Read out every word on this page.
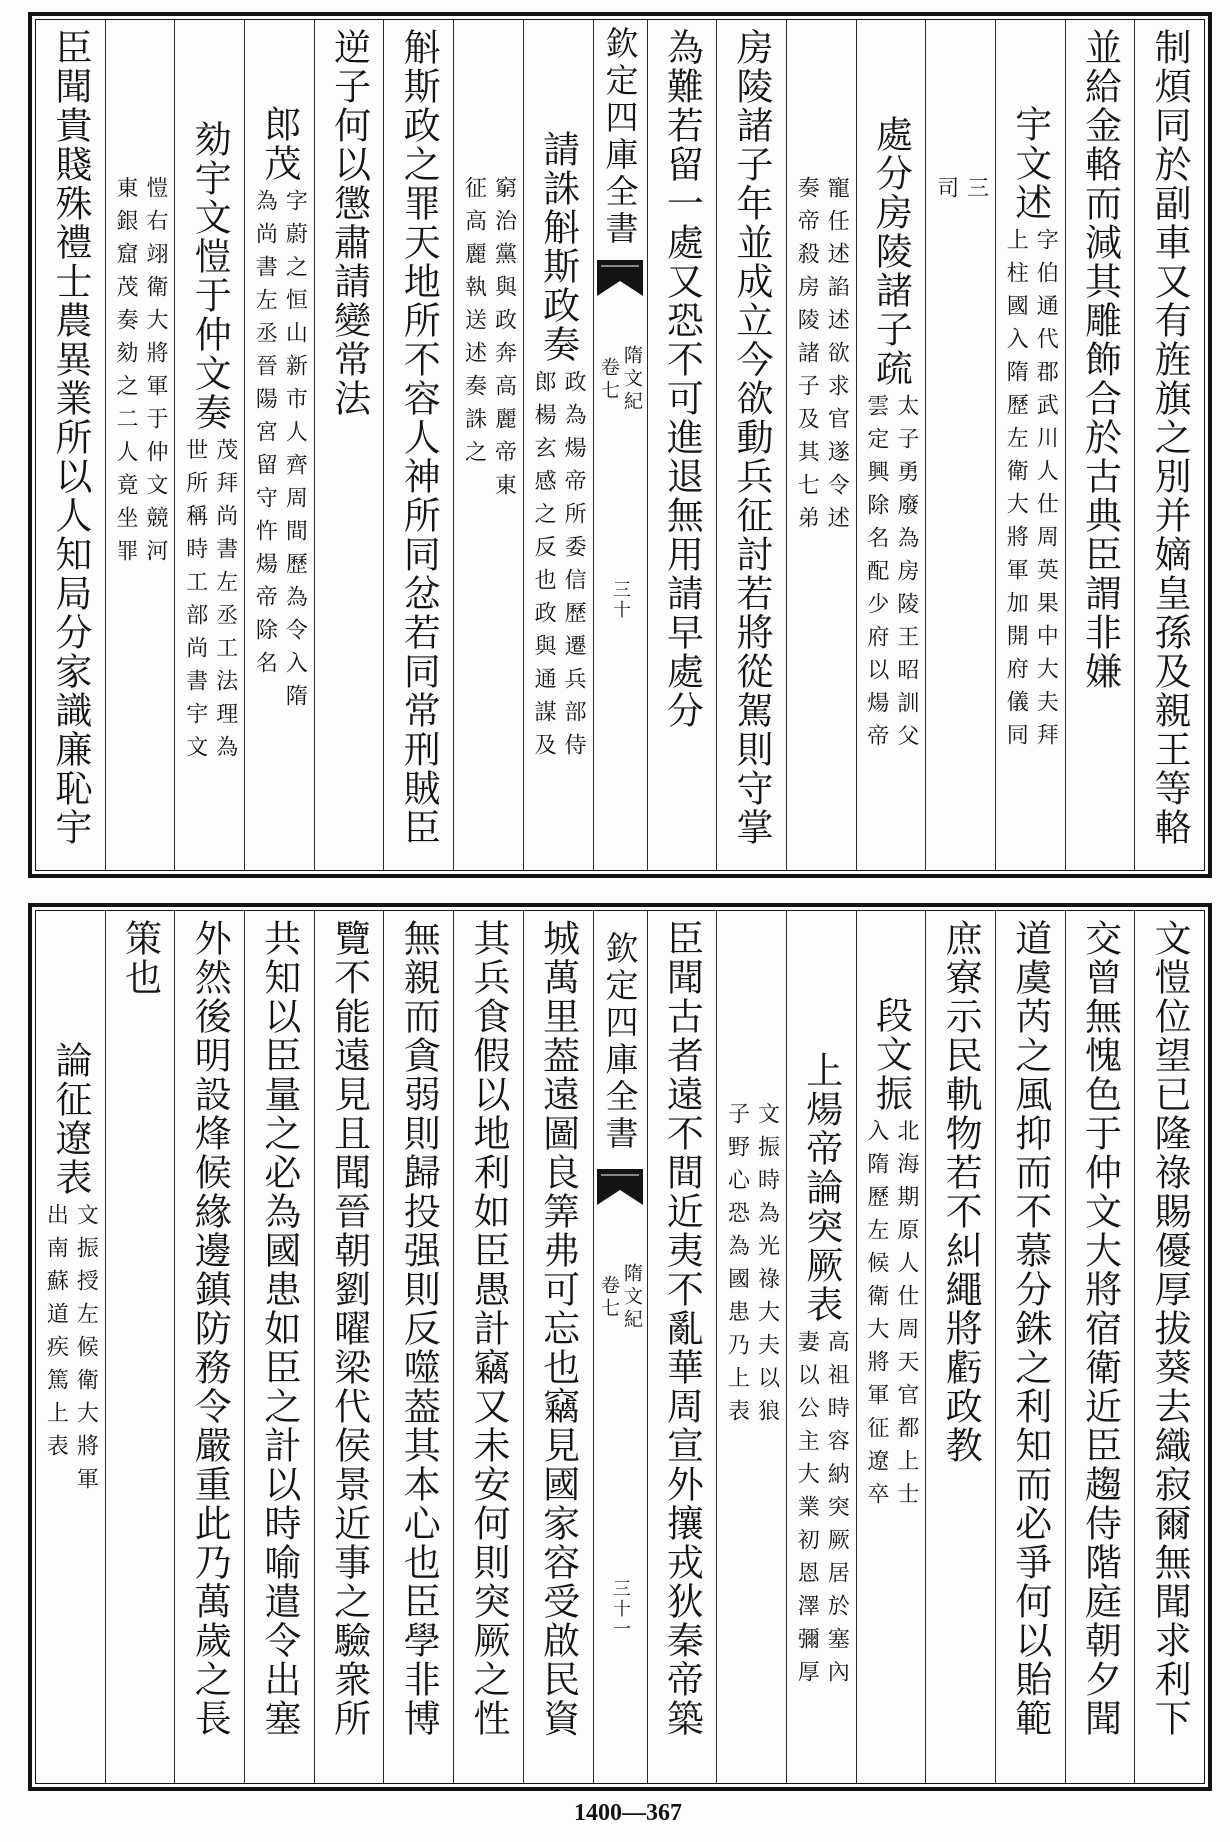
制煩同於副車又有旌旗之別并嫡皇孫及親王等輅
並給金輅而減其雕飾合於古典臣謂非嫌
宇文述
字伯通代郡武川人仕周英果中大夫拜
上柱國入隋歷左衛大將軍加開府儀同
三
司
處分房陵諸子疏
太子勇廢為房陵王昭訓父
雲定興除名配少府以煬帝
寵任述諂述欲求官遂令述
奏帝殺房陵諸子及其七弟
房陵諸子年並成立今欲動兵征討若將從駕則守掌
為難若留一處又恐不可進退無用請早處分
欽定四庫全書
隋文紀
卷七
三十
請誅斛斯政奏
政為煬帝所委信歷遷兵部侍
郎楊玄感之反也政與通謀及
窮治黨與政奔高麗帝東
征高麗執送述奏誅之
斛斯政之罪天地所不容人神所同忿若同常刑賊臣
逆子何以懲肅請變常法
郎茂
字蔚之恒山新市人齊周間歷為令入隋
為尚書左丞晉陽宮留守忤煬帝除名
劾宇文愷于仲文奏
茂拜尚書左丞工法理為
世所稱時工部尚書宇文
愷右翊衛大將軍于仲文競河
東銀窟茂奏劾之二人竟坐罪
臣聞貴賤殊禮士農異業所以人知局分家識廉恥宇
文愷位望已隆祿賜優厚拔葵去織寂爾無聞求利下
交曾無愧色于仲文大將宿衛近臣趨侍階庭朝夕聞
道虞芮之風抑而不慕分銖之利知而必爭何以貽範
庶寮示民軌物若不糾繩將虧政教
段文振
北海期原人仕周天官都上士
入隋歷左候衛大將軍征遼卒
上煬帝論突厥表
高祖時容納突厥居於塞內
妻以公主大業初恩澤彌厚
文振時為光祿大夫以狼
子野心恐為國患乃上表
臣聞古者遠不間近夷不亂華周宣外攘戎狄秦帝築
欽定四庫全書
隋文紀
卷七
三十一
城萬里葢遠圖良筭弗可忘也竊見國家容受啟民資
其兵食假以地利如臣愚計竊又未安何則突厥之性
無親而貪弱則歸投强則反噬葢其本心也臣學非博
覽不能遠見且聞晉朝劉曜梁代侯景近事之驗衆所
共知以臣量之必為國患如臣之計以時喻遣令出塞
外然後明設烽候緣邊鎮防務令嚴重此乃萬歲之長
策也
論征遼表
文振授左候衛大將軍
出南蘇道疾篤上表
1400—367
